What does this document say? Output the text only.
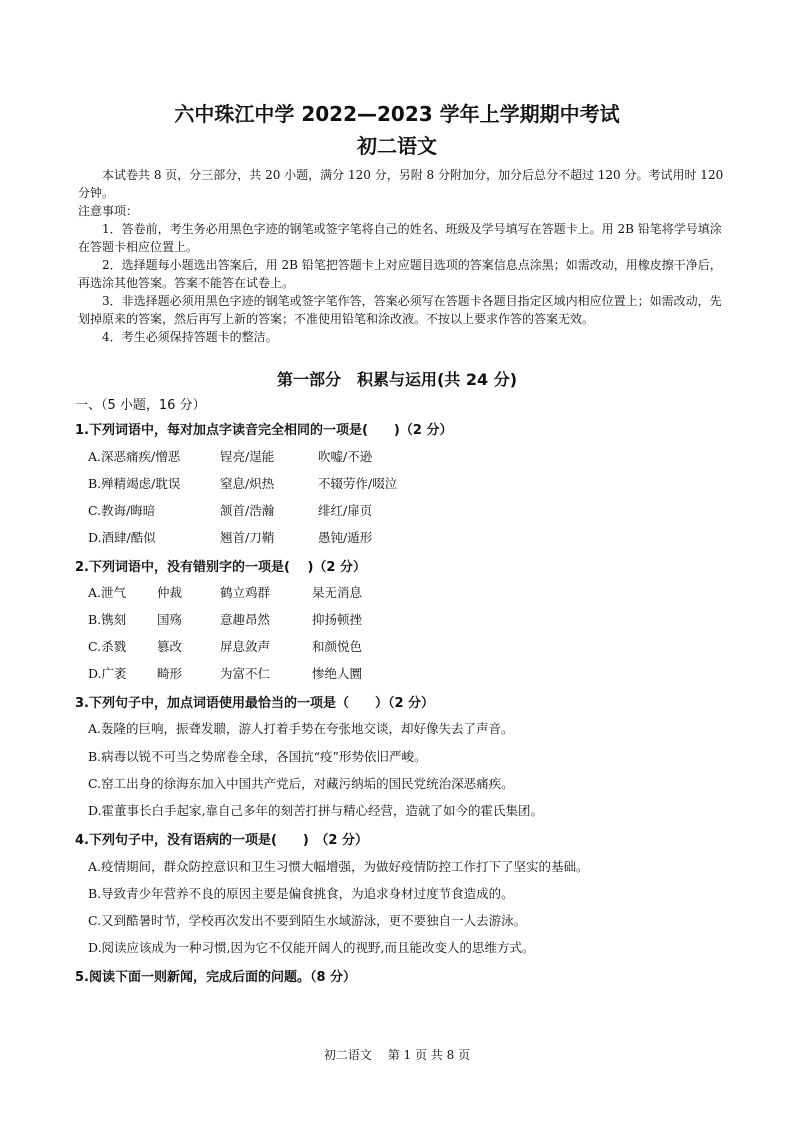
六中珠江中学 2022—2023 学年上学期期中考试
初二语文

本试卷共 8 页，分三部分，共 20 小题，满分 120 分，另附 8 分附加分，加分后总分不超过 120 分。考试用时 120 分钟。

注意事项：

1．答卷前，考生务必用黑色字迹的钢笔或签字笔将自己的姓名、班级及学号填写在答题卡上。用 2B 铅笔将学号填涂在答题卡相应位置上。

2．选择题每小题选出答案后，用 2B 铅笔把答题卡上对应题目选项的答案信息点涂黑；如需改动，用橡皮擦干净后，再选涂其他答案。答案不能答在试卷上。

3．非选择题必须用黑色字迹的钢笔或签字笔作答，答案必须写在答题卡各题目指定区域内相应位置上；如需改动，先划掉原来的答案，然后再写上新的答案；不准使用铅笔和涂改液。不按以上要求作答的答案无效。

4．考生必须保持答题卡的整洁。

第一部分　积累与运用(共 24 分)
一、（5 小题，16 分）
1.下列词语中，每对加点字读音完全相同的一项是(　　)（2 分）
A.深恶痛疾/憎恶	锃亮/逞能	吹嘘/不逊
B.殚精竭虑/耽误	窒息/炽热	不辍劳作/啜泣
C.教诲/晦暗	颔首/浩瀚	绯红/扉页
D.酒肆/酷似	翘首/刀鞘	愚钝/遁形
2.下列词语中，没有错别字的一项是(　 )（2 分）
A.泄气 仲裁	鹤立鸡群	杲无消息
B.镌刻 国殇	意趣昂然	抑扬顿挫
C.杀戮 篡改	屏息敛声	和颜悦色
D.广袤 畸形	为富不仁	惨绝人圜
3.下列句子中，加点词语使用最恰当的一项是（　　）（2 分）
A.轰隆的巨响，振聋发聩，游人打着手势在夸张地交谈，却好像失去了声音。
B.病毒以锐不可当之势席卷全球，各国抗“疫”形势依旧严峻。
C.窑工出身的徐海东加入中国共产党后，对藏污纳垢的国民党统治深恶痛疾。
D.霍董事长白手起家,靠自己多年的刻苦打拼与精心经营，造就了如今的霍氏集团。
4.下列句子中，没有语病的一项是(　　)　（2 分）
A.疫情期间，群众防控意识和卫生习惯大幅增强，为做好疫情防控工作打下了坚实的基础。
B.导致青少年营养不良的原因主要是偏食挑食，为追求身材过度节食造成的。
C.又到酷暑时节，学校再次发出不要到陌生水域游泳，更不要独自一人去游泳。
D.阅读应该成为一种习惯,因为它不仅能开阔人的视野,而且能改变人的思维方式。
5.阅读下面一则新闻，完成后面的问题。（8 分）
初二语文　 第 1 页 共 8 页
